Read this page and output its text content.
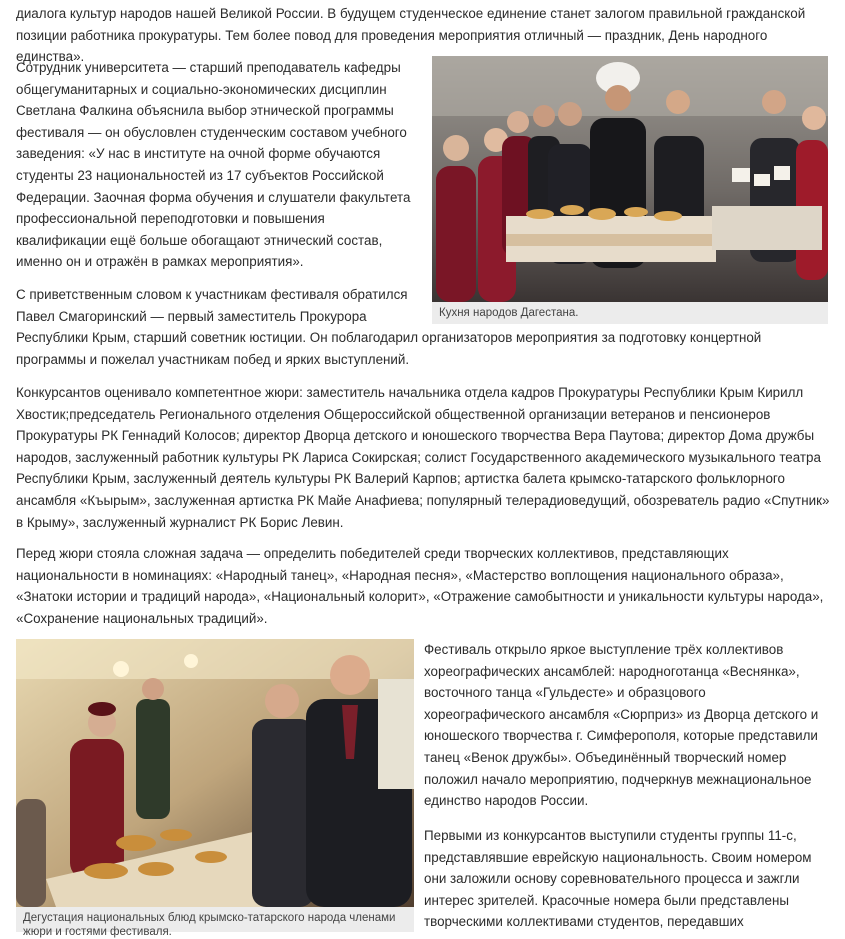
диалога культур народов нашей Великой России. В будущем студенческое единение станет залогом правильной гражданской позиции работника прокуратуры. Тем более повод для проведения мероприятия отличный — праздник, День народного единства».

Сотрудник университета — старший преподаватель кафедры общегуманитарных и социально-экономических дисциплин Светлана Фалкина объяснила выбор этнической программы фестиваля — он обусловлен студенческим составом учебного заведения: «У нас в институте на очной форме обучаются студенты 23 национальностей из 17 субъектов Российской Федерации. Заочная форма обучения и слушатели факультета профессиональной переподготовки и повышения квалификации ещё больше обогащают этнический состав, именно он и отражён в рамках мероприятия».

С приветственным словом к участникам фестиваля обратился Павел Смагоринский — первый заместитель Прокурора
Республики Крым, старший советник юстиции. Он поблагодарил организаторов мероприятия за подготовку концертной программы и пожелал участникам побед и ярких выступлений.

Конкурсантов оценивало компетентное жюри: заместитель начальника отдела кадров Прокуратуры Республики Крым Кирилл Хвостик;председатель Регионального отделения Общероссийской общественной организации ветеранов и пенсионеров Прокуратуры РК Геннадий Колосов; директор Дворца детского и юношеского творчества Вера Паутова; директор Дома дружбы народов, заслуженный работник культуры РК Лариса Сокирская; солист Государственного академического музыкального театра Республики Крым, заслуженный деятель культуры РК Валерий Карпов; артистка балета крымско-татарского фольклорного ансамбля «Къырым», заслуженная артистка РК Майе Анафиева; популярный телерадиоведущий, обозреватель радио «Спутник» в Крыму», заслуженный журналист РК Борис Левин.

Перед жюри стояла сложная задача — определить победителей среди творческих коллективов, представляющих национальности в номинациях: «Народный танец», «Народная песня», «Мастерство воплощения национального образа», «Знатоки истории и традиций народа», «Национальный колорит», «Отражение самобытности и уникальности культуры народа», «Сохранение национальных традиций».

Фестиваль открыло яркое выступление трёх коллективов хореографических ансамблей: народноготанца «Веснянка», восточного танца «Гульдесте» и образцового хореографического ансамбля «Сюрприз» из Дворца детского и юношеского творчества г. Симферополя, которые представили танец «Венок дружбы». Объединённый творческий номер положил начало мероприятию, подчеркнув межнациональное единство народов России.

Первыми из конкурсантов выступили студенты группы 11-с, представлявшие еврейскую национальность. Своим номером они заложили основу соревновательного процесса и зажгли интерес зрителей. Красочные номера были представлены творческими коллективами студентов, передавших

Кухня народов Дагестана.
Дегустация национальных блюд крымско-татарского народа членами жюри и гостями фестиваля.
